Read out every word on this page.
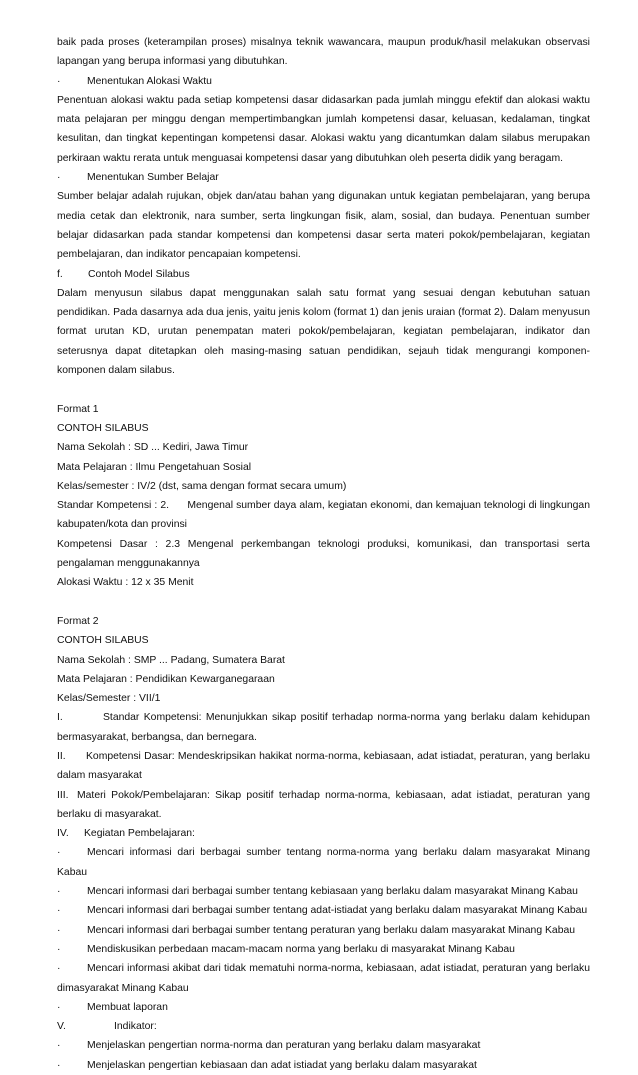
baik pada proses (keterampilan proses) misalnya teknik wawancara, maupun produk/hasil melakukan observasi lapangan yang berupa informasi yang dibutuhkan.

·	Menentukan Alokasi Waktu

Penentuan alokasi waktu pada setiap kompetensi dasar didasarkan pada jumlah minggu efektif dan alokasi waktu mata pelajaran per minggu dengan mempertimbangkan jumlah kompetensi dasar, keluasan, kedalaman, tingkat kesulitan, dan tingkat kepentingan kompetensi dasar. Alokasi waktu yang dicantumkan dalam silabus merupakan perkiraan waktu rerata untuk menguasai kompetensi dasar yang dibutuhkan oleh peserta didik yang beragam.

·	Menentukan Sumber Belajar

Sumber belajar adalah rujukan, objek dan/atau bahan yang digunakan untuk kegiatan pembelajaran, yang berupa media cetak dan elektronik, nara sumber, serta lingkungan fisik, alam, sosial, dan budaya. Penentuan sumber belajar didasarkan pada standar kompetensi dan kompetensi dasar serta materi pokok/pembelajaran, kegiatan pembelajaran, dan indikator pencapaian kompetensi.

f. Contoh Model Silabus

Dalam menyusun silabus dapat menggunakan salah satu format yang sesuai dengan kebutuhan satuan pendidikan. Pada dasarnya ada dua jenis, yaitu jenis kolom (format 1) dan jenis uraian (format 2). Dalam menyusun format urutan KD, urutan penempatan materi pokok/pembelajaran, kegiatan pembelajaran, indikator dan seterusnya dapat ditetapkan oleh masing-masing satuan pendidikan, sejauh tidak mengurangi komponen-komponen dalam silabus.

Format 1
CONTOH SILABUS
Nama Sekolah : SD ... Kediri, Jawa Timur
Mata Pelajaran : Ilmu Pengetahuan Sosial
Kelas/semester : IV/2 (dst, sama dengan format secara umum)

Standar Kompetensi : 2. Mengenal sumber daya alam, kegiatan ekonomi, dan kemajuan teknologi di lingkungan kabupaten/kota dan provinsi

Kompetensi Dasar : 2.3 Mengenal perkembangan teknologi produksi, komunikasi, dan transportasi serta
pengalaman menggunakannya
Alokasi Waktu : 12 x 35 Menit
Format 2
CONTOH SILABUS
Nama Sekolah : SMP ... Padang, Sumatera Barat
Mata Pelajaran : Pendidikan Kewarganegaraan
Kelas/Semester : VII/1

I.	Standar Kompetensi: Menunjukkan sikap positif terhadap norma-norma yang berlaku dalam kehidupan bermasyarakat, berbangsa, dan bernegara.

II. Kompetensi Dasar: Mendeskripsikan hakikat norma-norma, kebiasaan, adat istiadat, peraturan, yang berlaku dalam masyarakat

III. Materi Pokok/Pembelajaran: Sikap positif terhadap norma-norma, kebiasaan, adat istiadat, peraturan yang berlaku di masyarakat.

IV. Kegiatan Pembelajaran:

·	Mencari informasi dari berbagai sumber tentang norma-norma yang berlaku dalam masyarakat Minang Kabau

·	Mencari informasi dari berbagai sumber tentang kebiasaan yang berlaku dalam masyarakat Minang Kabau
·	Mencari informasi dari berbagai sumber tentang adat-istiadat yang berlaku dalam masyarakat Minang Kabau
·	Mencari informasi dari berbagai sumber tentang peraturan yang berlaku dalam masyarakat Minang Kabau
·	Mendiskusikan perbedaan macam-macam norma yang berlaku di masyarakat Minang Kabau

·	Mencari informasi akibat dari tidak mematuhi norma-norma, kebiasaan, adat istiadat, peraturan yang berlaku dimasyarakat Minang Kabau

·	Membuat laporan
V.	Indikator:
·	Menjelaskan pengertian norma-norma dan peraturan yang berlaku dalam masyarakat
·	Menjelaskan pengertian kebiasaan dan adat istiadat yang berlaku dalam masyarakat
